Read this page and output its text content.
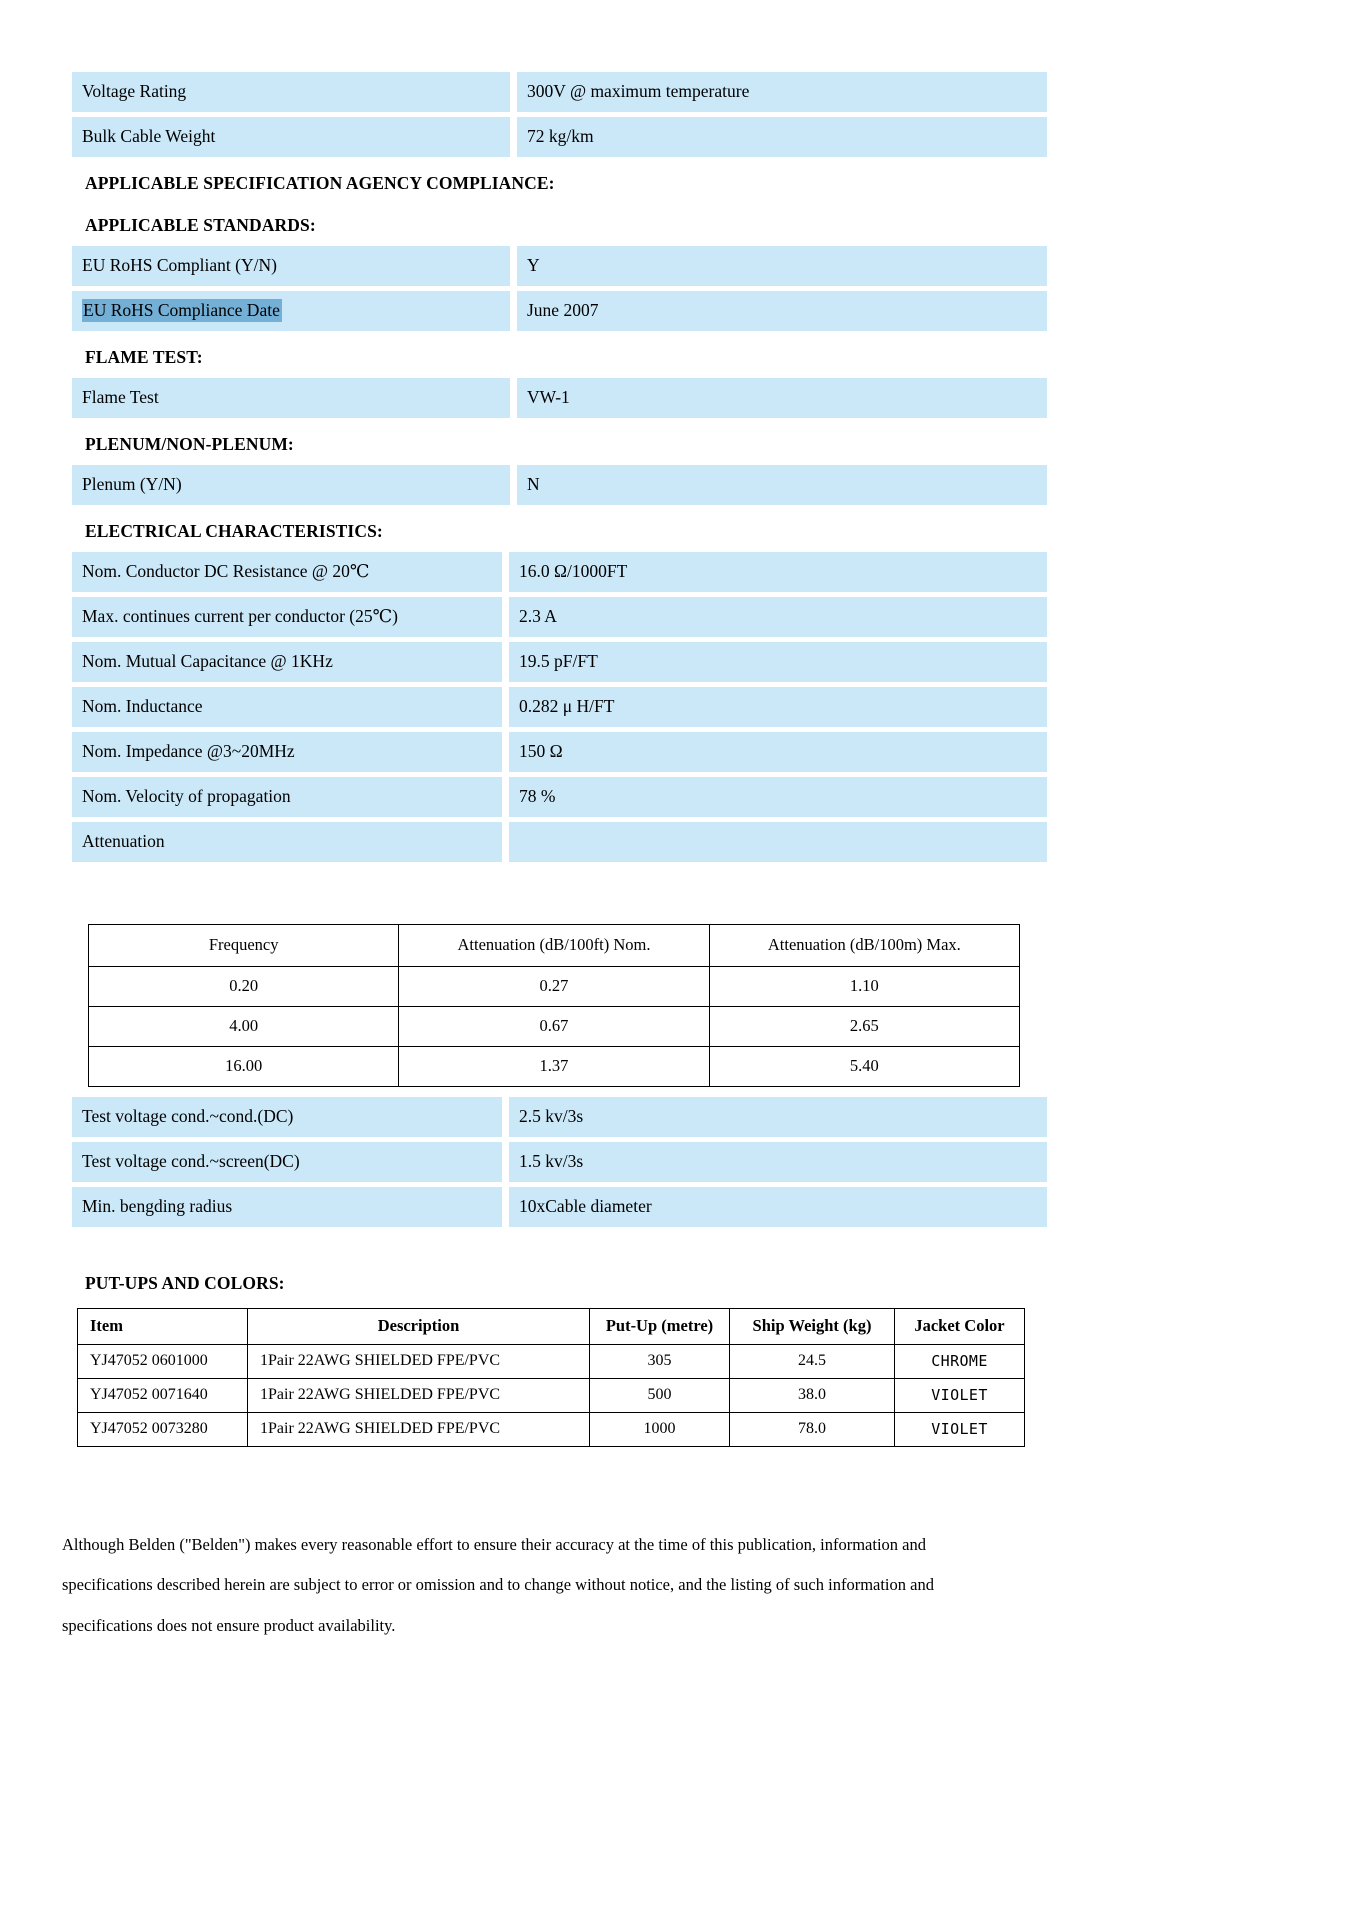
Voltage Rating	300V @ maximum temperature
Bulk Cable Weight	72 kg/km
APPLICABLE SPECIFICATION AGENCY COMPLIANCE:
APPLICABLE STANDARDS:
EU RoHS Compliant (Y/N)	Y
EU RoHS Compliance Date	June 2007
FLAME TEST:
Flame Test	VW-1
PLENUM/NON-PLENUM:
Plenum (Y/N)	N
ELECTRICAL CHARACTERISTICS:
Nom. Conductor DC Resistance @ 20℃	16.0 Ω/1000FT
Max. continues current per conductor (25℃)	2.3 A
Nom. Mutual Capacitance @ 1KHz	19.5 pF/FT
Nom. Inductance	0.282 μ H/FT
Nom. Impedance @3~20MHz	150 Ω
Nom. Velocity of propagation	78 %
Attenuation
Frequency	Attenuation (dB/100ft) Nom.	Attenuation (dB/100m) Max.
0.20	0.27	1.10
4.00	0.67	2.65
16.00	1.37	5.40
Test voltage cond.~cond.(DC)	2.5 kv/3s
Test voltage cond.~screen(DC)	1.5 kv/3s
Min. bengding radius	10xCable diameter
PUT-UPS AND COLORS:
Item	Description	Put-Up (metre)	Ship Weight (kg)	Jacket Color
YJ47052 0601000	1Pair 22AWG SHIELDED FPE/PVC	305	24.5	CHROME
YJ47052 0071640	1Pair 22AWG SHIELDED FPE/PVC	500	38.0	VIOLET
YJ47052 0073280	1Pair 22AWG SHIELDED FPE/PVC	1000	78.0	VIOLET

Although Belden ("Belden") makes every reasonable effort to ensure their accuracy at the time of this publication, information and

specifications described herein are subject to error or omission and to change without notice, and the listing of such information and

specifications does not ensure product availability.
